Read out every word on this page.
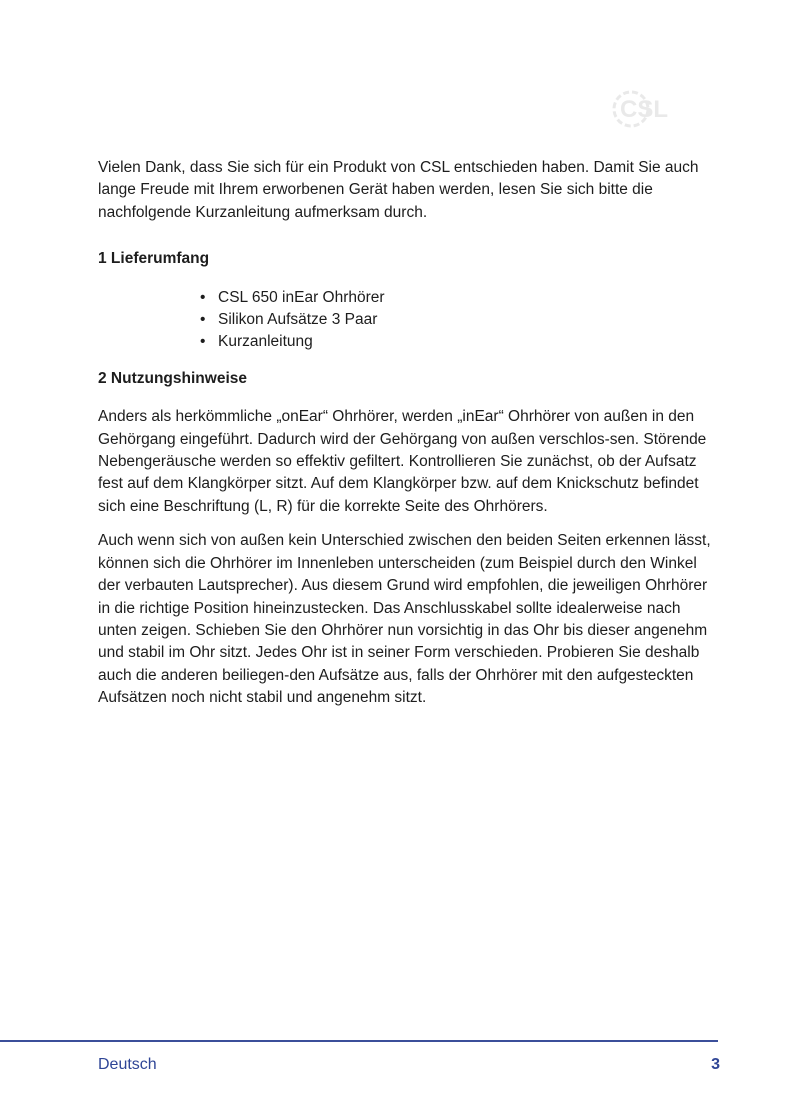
CSL

Vielen Dank, dass Sie sich für ein Produkt von CSL entschieden haben. Damit Sie auch lange Freude mit Ihrem erworbenen Gerät haben werden, lesen Sie sich bitte die nachfolgende Kurzanleitung aufmerksam durch.

1 Lieferumfang

• CSL 650 inEar Ohrhörer
• Silikon Aufsätze 3 Paar
• Kurzanleitung

2 Nutzungshinweise

Anders als herkömmliche „onEar“ Ohrhörer, werden „inEar“ Ohrhörer von außen in den Gehörgang eingeführt. Dadurch wird der Gehörgang von außen verschlos-sen. Störende Nebengeräusche werden so effektiv gefiltert. Kontrollieren Sie zunächst, ob der Aufsatz fest auf dem Klangkörper sitzt. Auf dem Klangkörper bzw. auf dem Knickschutz befindet sich eine Beschriftung (L, R) für die korrekte Seite des Ohrhörers.

Auch wenn sich von außen kein Unterschied zwischen den beiden Seiten erkennen lässt, können sich die Ohrhörer im Innenleben unterscheiden (zum Beispiel durch den Winkel der verbauten Lautsprecher). Aus diesem Grund wird empfohlen, die jeweiligen Ohrhörer in die richtige Position hineinzustecken. Das Anschlusskabel sollte idealerweise nach unten zeigen. Schieben Sie den Ohrhörer nun vorsichtig in das Ohr bis dieser angenehm und stabil im Ohr sitzt. Jedes Ohr ist in seiner Form verschieden. Probieren Sie deshalb auch die anderen beiliegen-den Aufsätze aus, falls der Ohrhörer mit den aufgesteckten Aufsätzen noch nicht stabil und angenehm sitzt.

Deutsch	3
